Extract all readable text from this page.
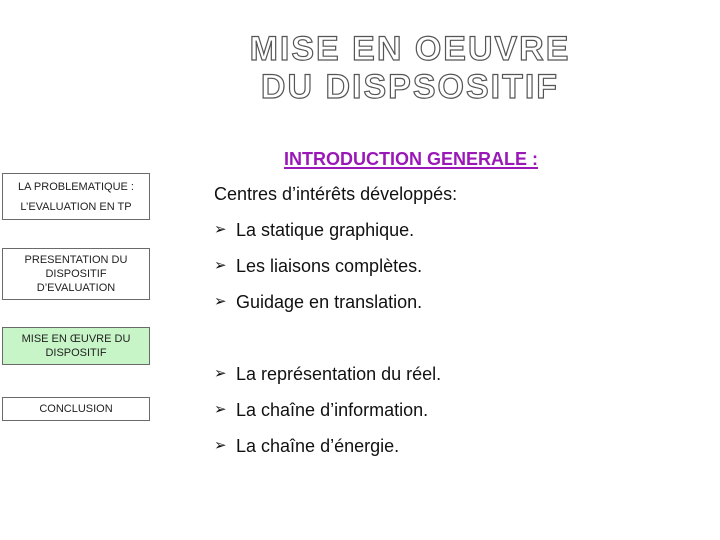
MISE EN OEUVRE
DU DISPSOSITIF
LA PROBLEMATIQUE :
L’EVALUATION EN TP
PRESENTATION DU
DISPOSITIF
D’EVALUATION
MISE EN ŒUVRE DU
DISPOSITIF
CONCLUSION
INTRODUCTION GENERALE :
Centres d’intérêts développés:
➢ La statique graphique.
➢ Les liaisons complètes.
➢ Guidage en translation.
➢ La représentation du réel.
➢ La chaîne d’information.
➢ La chaîne d’énergie.
